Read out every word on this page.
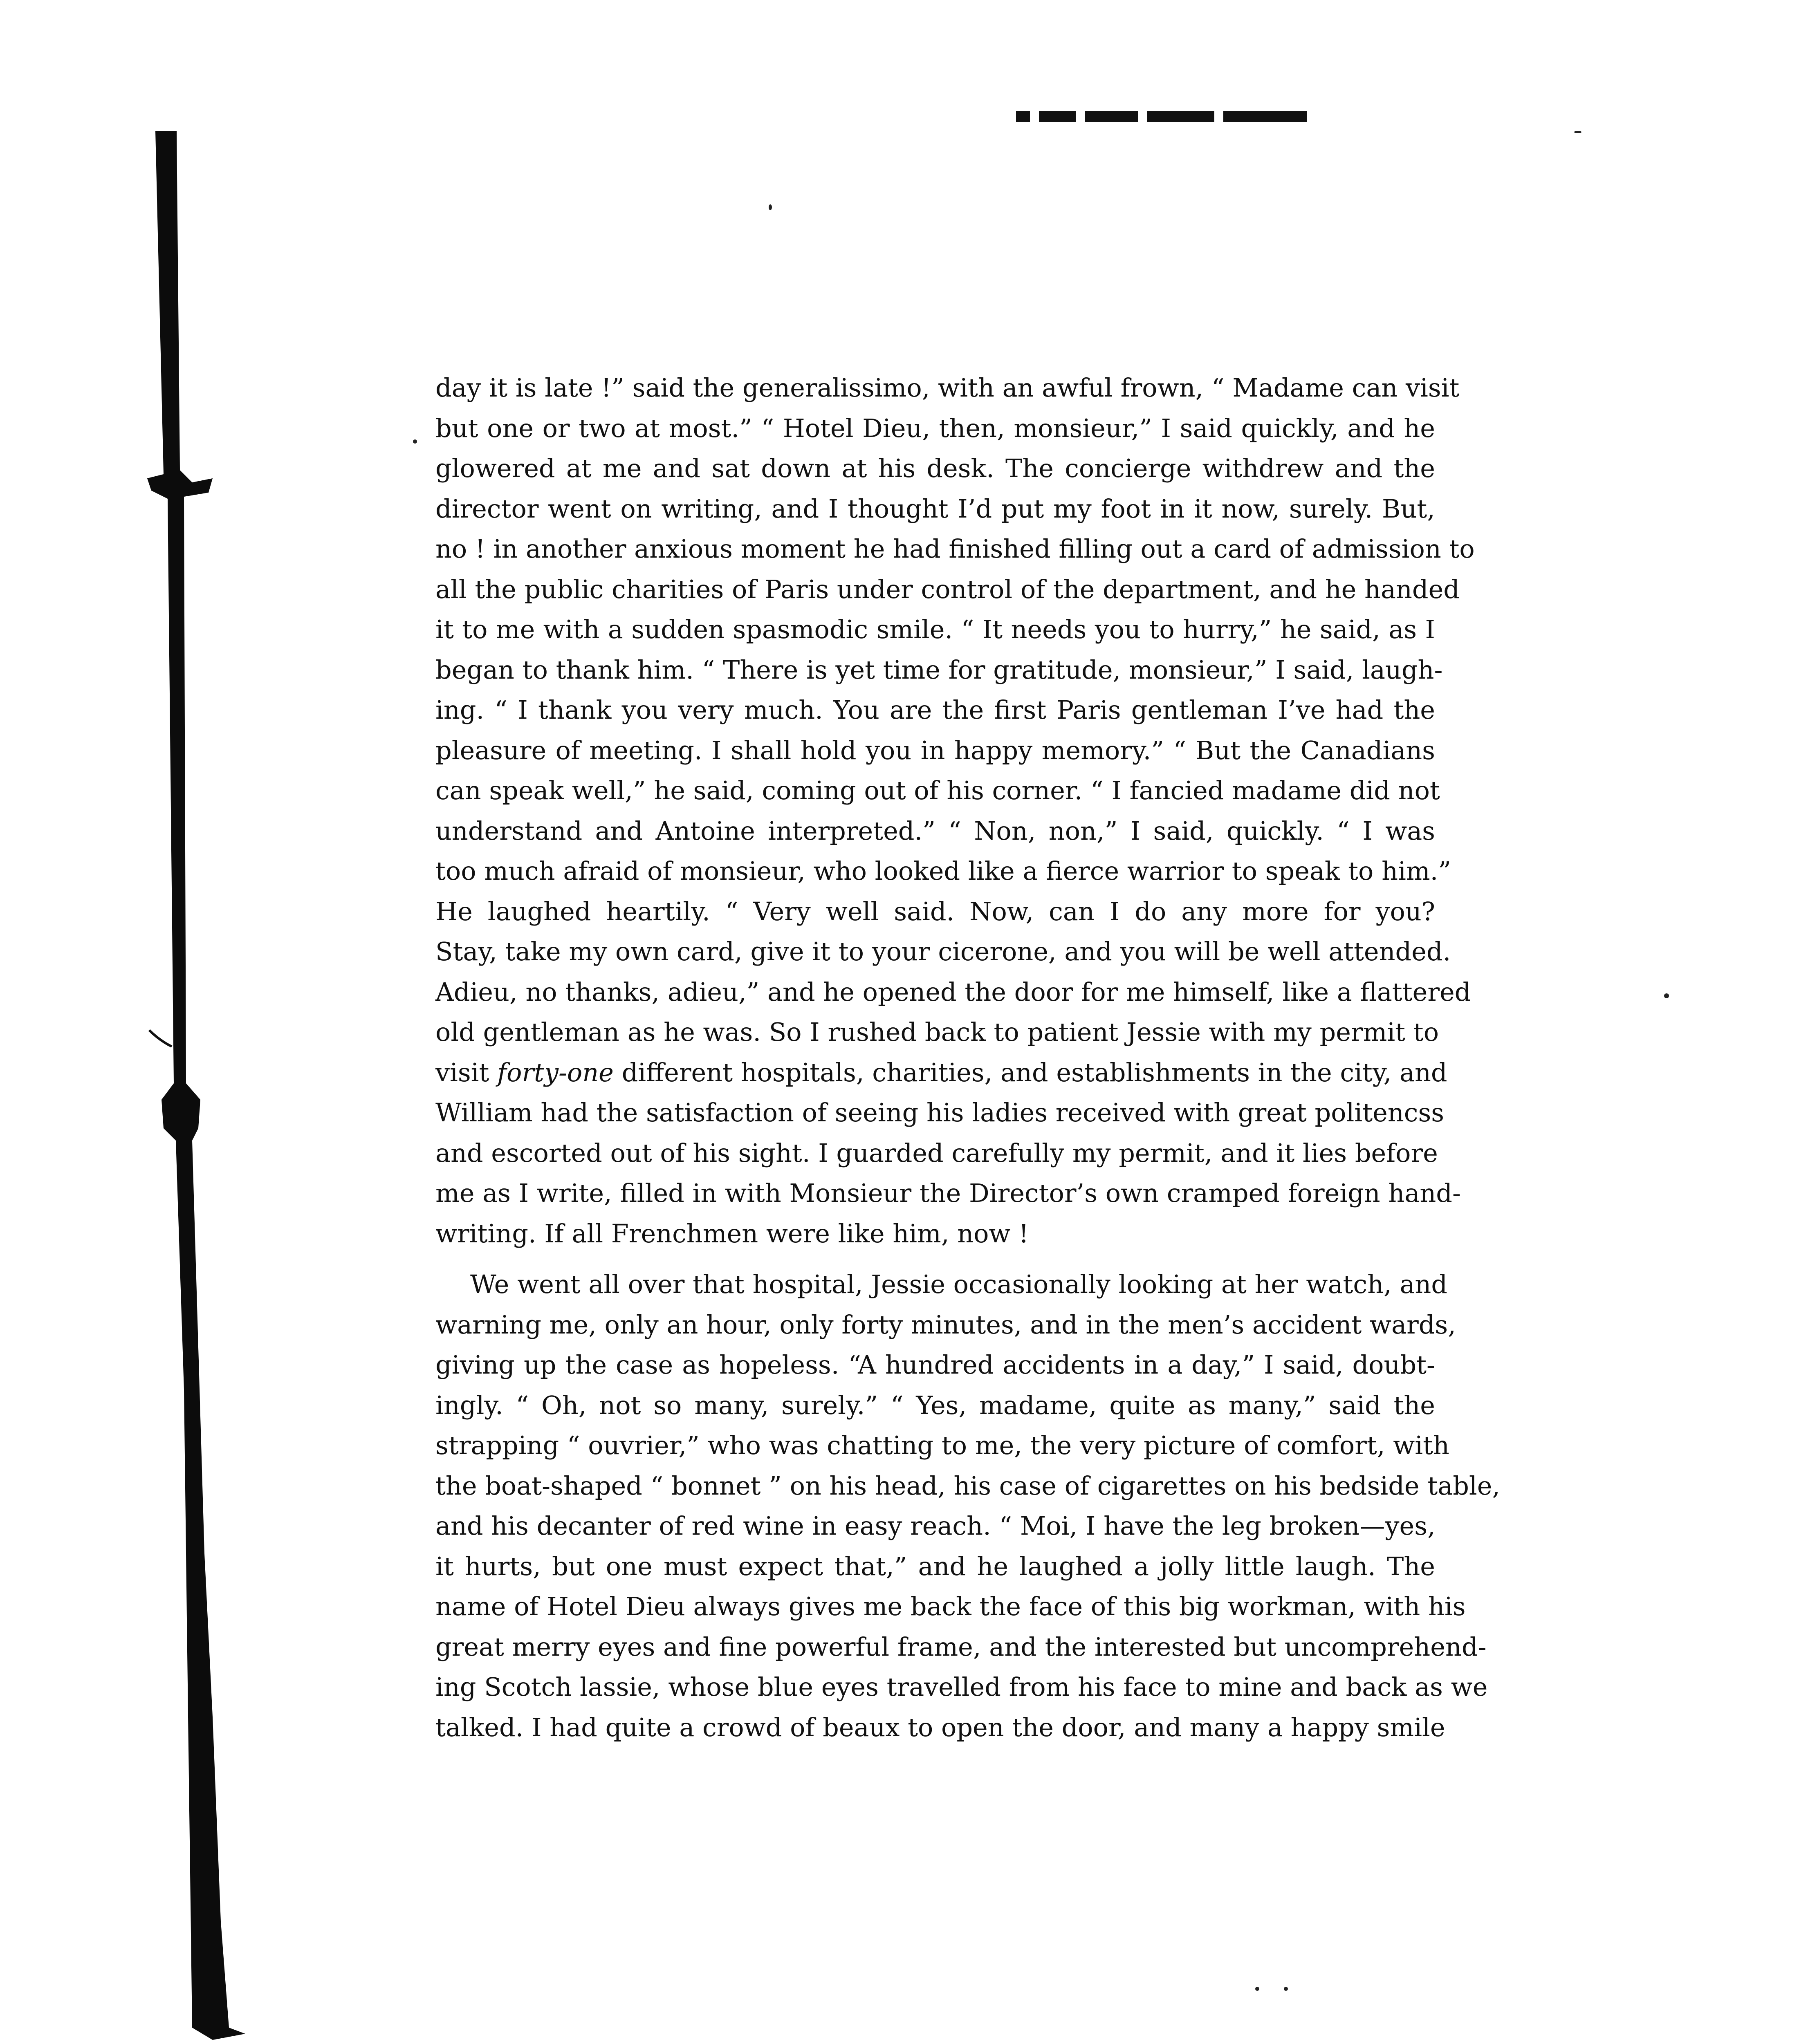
day it is late !” said the generalissimo, with an awful frown, “ Madame can visit
but one or two at most.” “ Hotel Dieu, then, monsieur,” I said quickly, and he
glowered at me and sat down at his desk. The concierge withdrew and the
director went on writing, and I thought I’d put my foot in it now, surely. But,
no ! in another anxious moment he had finished filling out a card of admission to
all the public charities of Paris under control of the department, and he handed
it to me with a sudden spasmodic smile. “ It needs you to hurry,” he said, as I
began to thank him. “ There is yet time for gratitude, monsieur,” I said, laugh-
ing. “ I thank you very much. You are the first Paris gentleman I’ve had the
pleasure of meeting. I shall hold you in happy memory.” “ But the Canadians
can speak well,” he said, coming out of his corner. “ I fancied madame did not
understand and Antoine interpreted.” “ Non, non,” I said, quickly. “ I was
too much afraid of monsieur, who looked like a fierce warrior to speak to him.”
He laughed heartily. “ Very well said. Now, can I do any more for you?
Stay, take my own card, give it to your cicerone, and you will be well attended.
Adieu, no thanks, adieu,” and he opened the door for me himself, like a flattered
old gentleman as he was. So I rushed back to patient Jessie with my permit to
visit forty-one different hospitals, charities, and establishments in the city, and
William had the satisfaction of seeing his ladies received with great politencss
and escorted out of his sight. I guarded carefully my permit, and it lies before
me as I write, filled in with Monsieur the Director’s own cramped foreign hand-
writing. If all Frenchmen were like him, now !

We went all over that hospital, Jessie occasionally looking at her watch, and
warning me, only an hour, only forty minutes, and in the men’s accident wards,
giving up the case as hopeless. “A hundred accidents in a day,” I said, doubt-
ingly. “ Oh, not so many, surely.” “ Yes, madame, quite as many,” said the
strapping “ ouvrier,” who was chatting to me, the very picture of comfort, with
the boat-shaped “ bonnet ” on his head, his case of cigarettes on his bedside table,
and his decanter of red wine in easy reach. “ Moi, I have the leg broken—yes,
it hurts, but one must expect that,” and he laughed a jolly little laugh. The
name of Hotel Dieu always gives me back the face of this big workman, with his
great merry eyes and fine powerful frame, and the interested but uncomprehend-
ing Scotch lassie, whose blue eyes travelled from his face to mine and back as we
talked. I had quite a crowd of beaux to open the door, and many a happy smile
